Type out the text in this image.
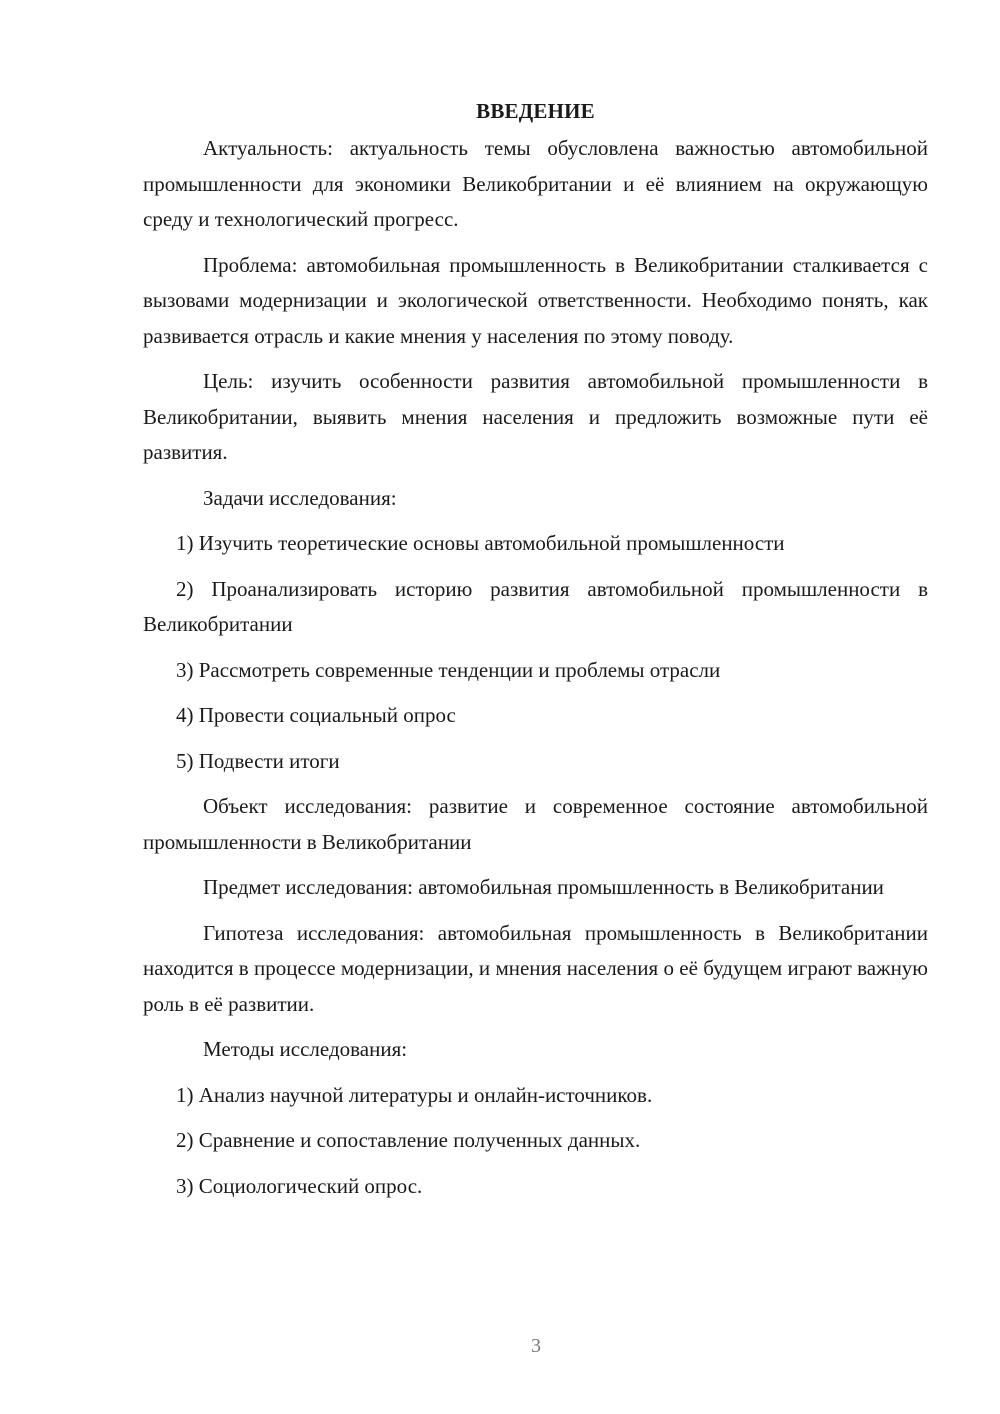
ВВЕДЕНИЕ

Актуальность: актуальность темы обусловлена важностью автомобильной промышленности для экономики Великобритании и её влиянием на окружающую среду и технологический прогресс.

Проблема: автомобильная промышленность в Великобритании сталкивается с вызовами модернизации и экологической ответственности. Необходимо понять, как развивается отрасль и какие мнения у населения по этому поводу.

Цель: изучить особенности развития автомобильной промышленности в Великобритании, выявить мнения населения и предложить возможные пути её развития.

Задачи исследования:

1) Изучить теоретические основы автомобильной промышленности

2) Проанализировать историю развития автомобильной промышленности в Великобритании

3) Рассмотреть современные тенденции и проблемы отрасли

4) Провести социальный опрос

5) Подвести итоги

Объект исследования: развитие и современное состояние автомобильной промышленности в Великобритании

Предмет исследования: автомобильная промышленность в Великобритании

Гипотеза исследования: автомобильная промышленность в Великобритании находится в процессе модернизации, и мнения населения о её будущем играют важную роль в её развитии.

Методы исследования:

1) Анализ научной литературы и онлайн-источников.

2) Сравнение и сопоставление полученных данных.

3) Социологический опрос.

3
